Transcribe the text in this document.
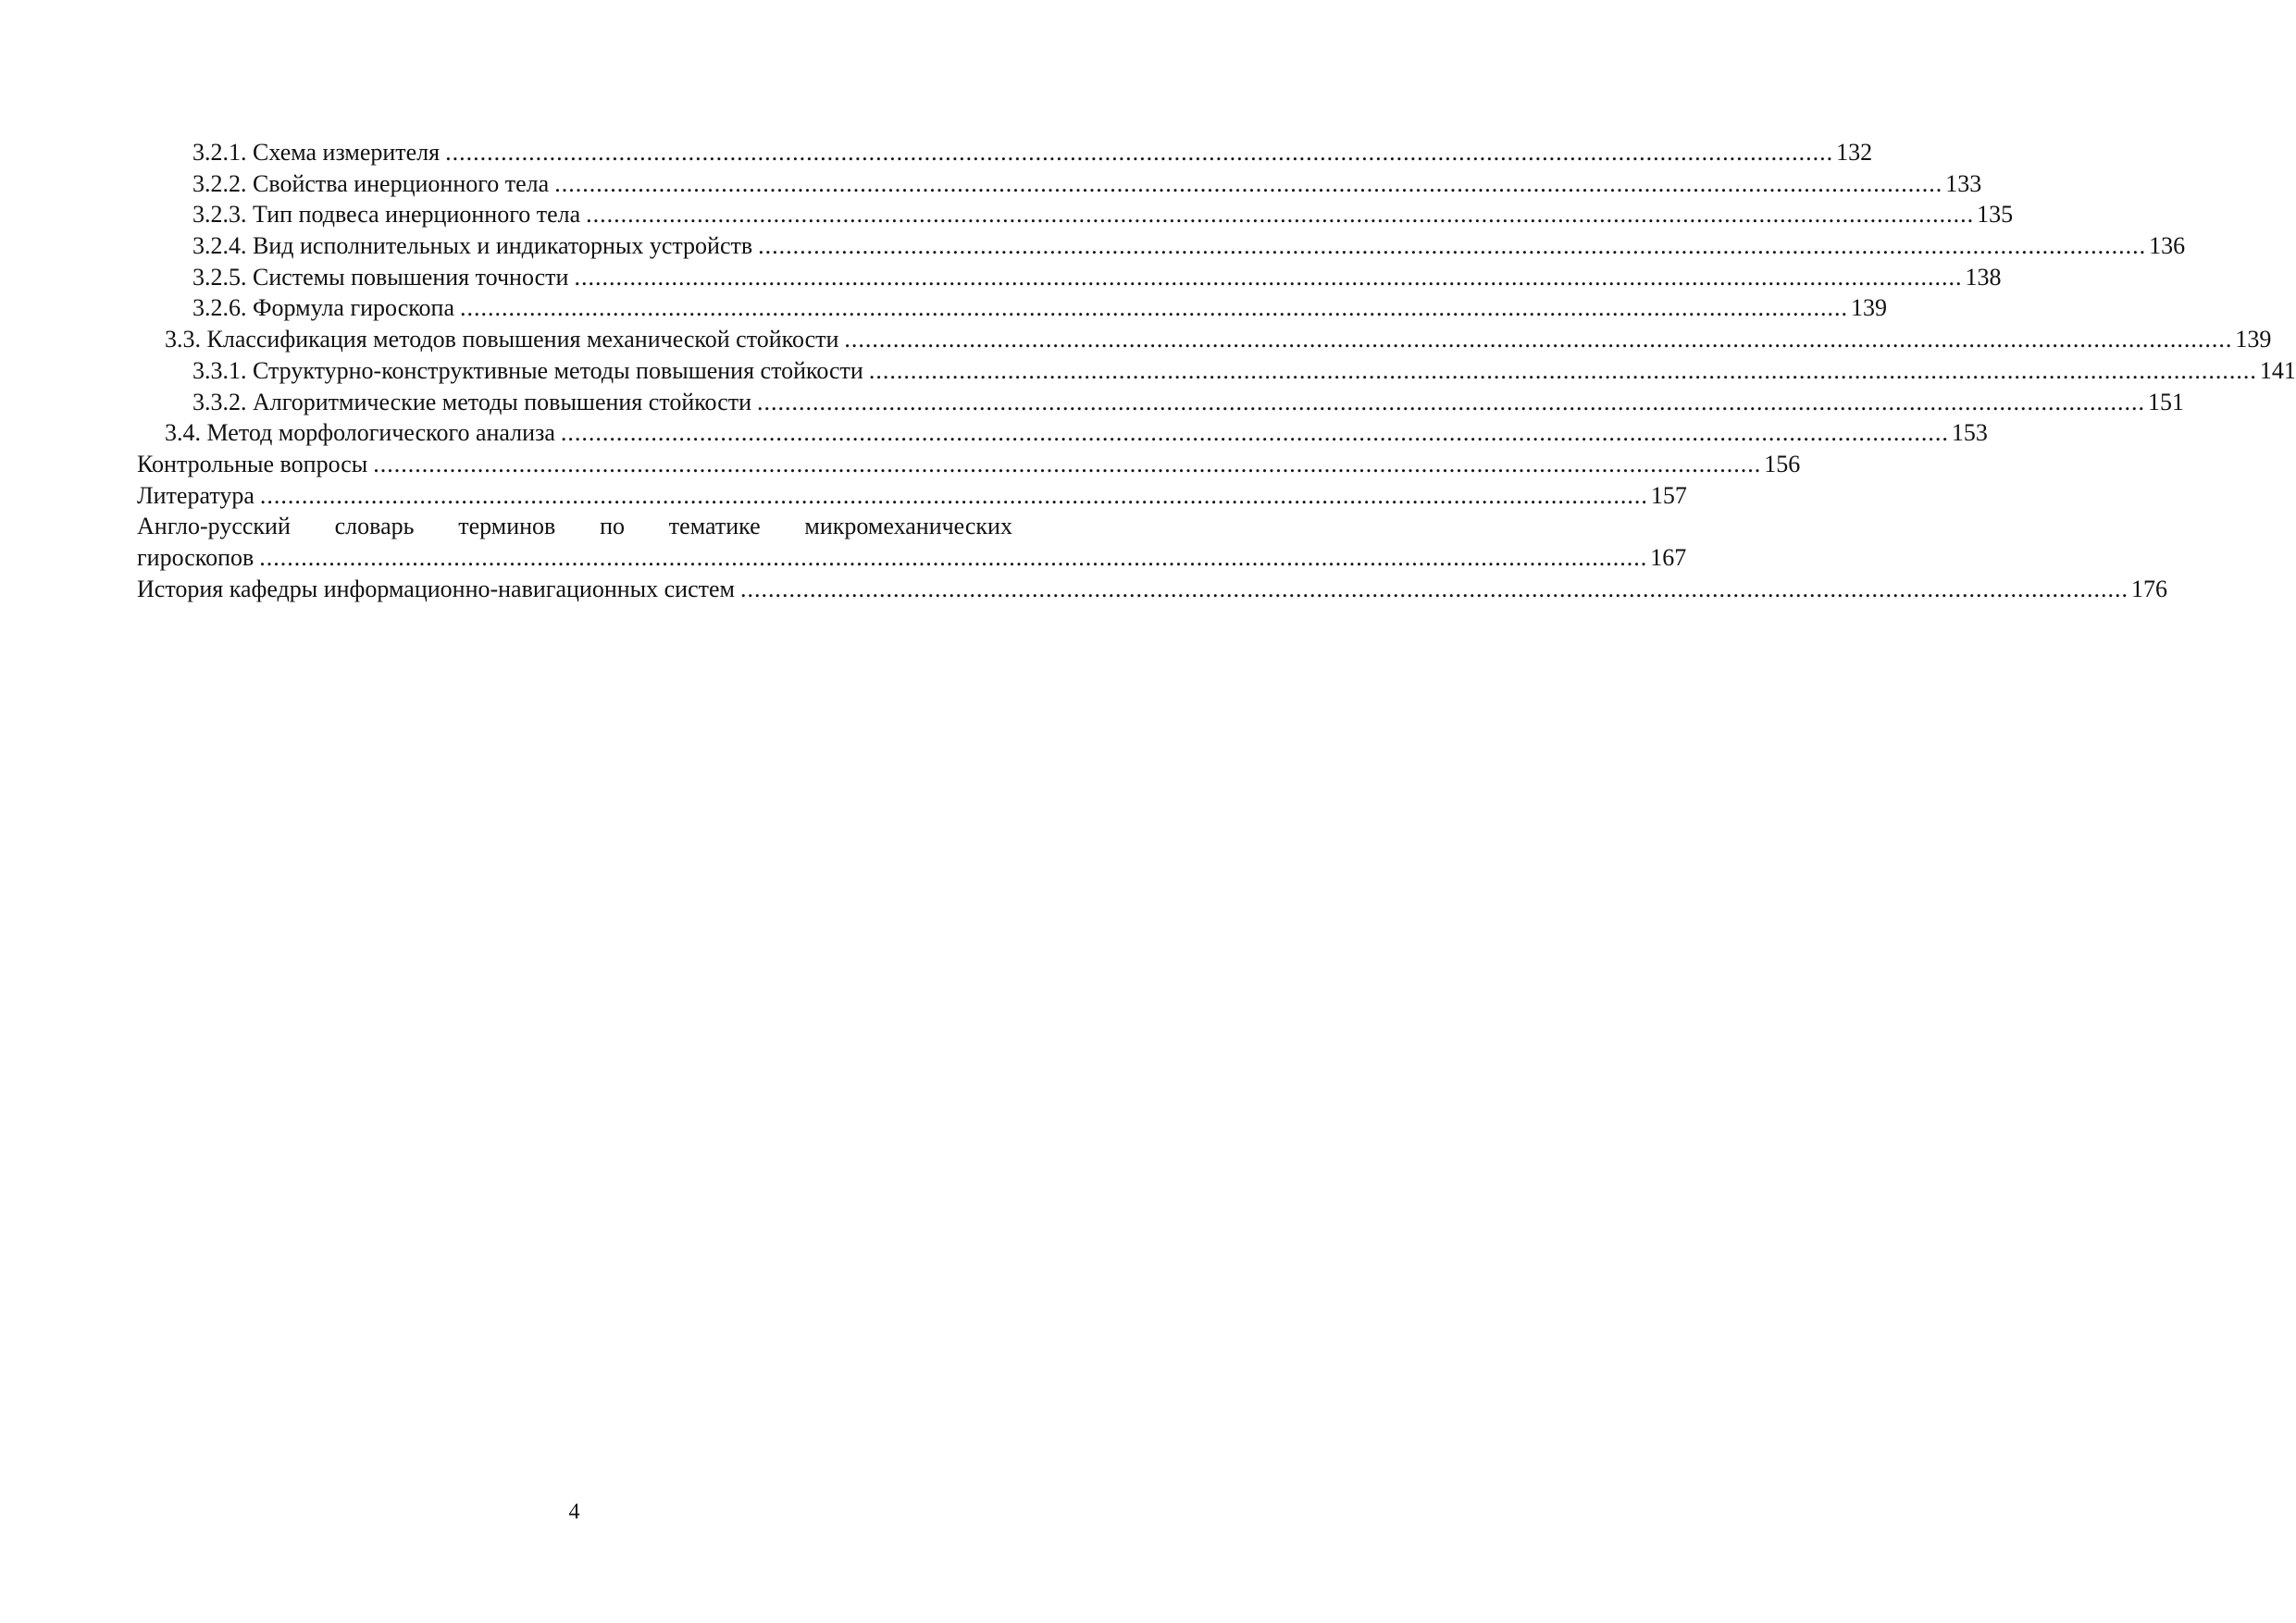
3.2.1. Схема измерителя ........................................................................................................................................................................................................ 132
3.2.2. Свойства инерционного тела ........................................................................................................................................................................................................ 133
3.2.3. Тип подвеса инерционного тела ........................................................................................................................................................................................................ 135
3.2.4. Вид исполнительных и индикаторных устройств ........................................................................................................................................................................................................ 136
3.2.5. Системы повышения точности ........................................................................................................................................................................................................ 138
3.2.6. Формула гироскопа ........................................................................................................................................................................................................ 139
3.3. Классификация методов повышения механической стойкости ........................................................................................................................................................................................................ 139
3.3.1. Структурно-конструктивные методы повышения стойкости ........................................................................................................................................................................................................ 141
3.3.2. Алгоритмические методы повышения стойкости ........................................................................................................................................................................................................ 151
3.4. Метод морфологического анализа ........................................................................................................................................................................................................ 153
Контрольные вопросы ........................................................................................................................................................................................................ 156
Литература ........................................................................................................................................................................................................ 157
Англо-русский словарь терминов по тематике микромеханических
гироскопов ........................................................................................................................................................................................................ 167
История кафедры информационно-навигационных систем ........................................................................................................................................................................................................ 176
4
